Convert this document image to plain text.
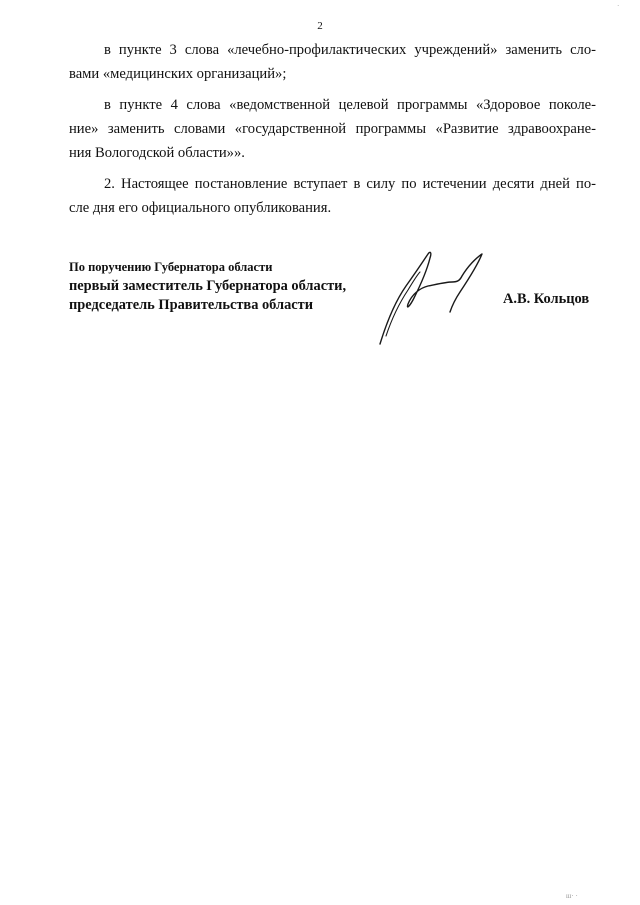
2
в пункте 3 слова «лечебно-профилактических учреждений» заменить сло-
вами «медицинских организаций»;
в пункте 4 слова «ведомственной целевой программы «Здоровое поколе-
ние» заменить словами «государственной программы «Развитие здравоохране-
ния Вологодской области»».
2. Настоящее постановление вступает в силу по истечении десяти дней по-
сле дня его официального опубликования.
По поручению Губернатора области
первый заместитель Губернатора области,
председатель Правительства области	А.В. Кольцов
·
ш· ·
